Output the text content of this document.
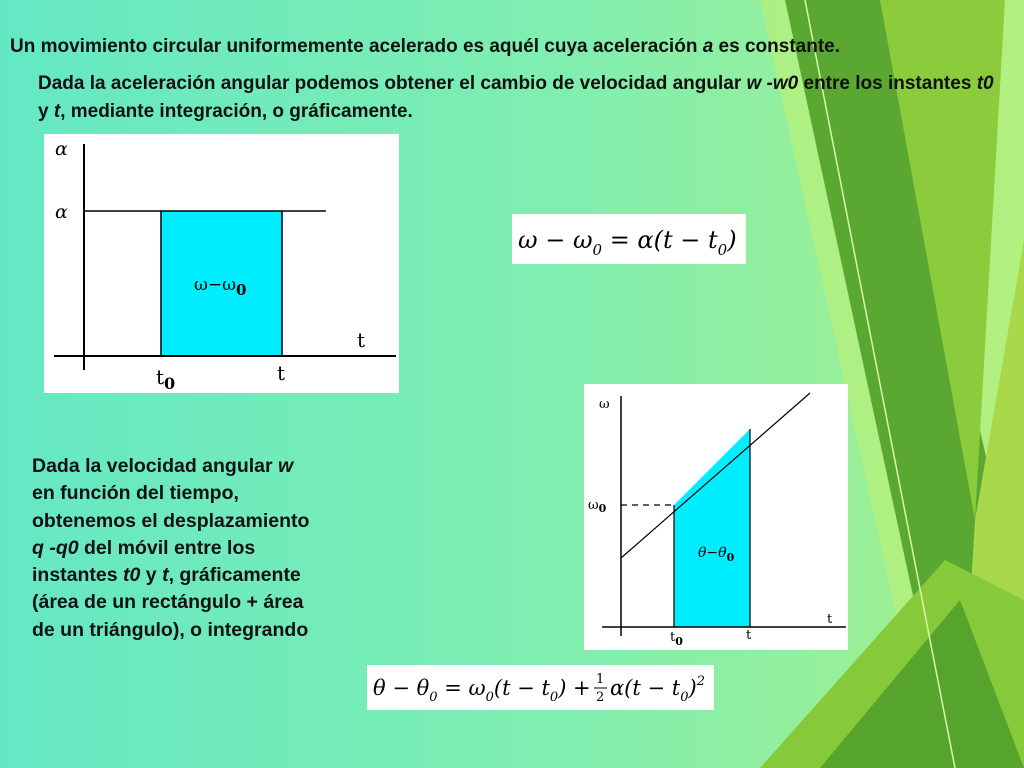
Un movimiento circular uniformemente acelerado es aquél cuya aceleración a es constante.
Dada la aceleración angular podemos obtener el cambio de velocidad angular w -w0 entre los instantes t0 y t, mediante integración, o gráficamente.
Dada la velocidad angular w en función del tiempo, obtenemos el desplazamiento q -q0 del móvil entre los instantes t0 y t, gráficamente (área de un rectángulo + área de un triángulo), o integrando
α
α
t
$t_0$	t
ω−ω0
$\omega - \omega_0 = \alpha(t - t_0)$
ω
$\omega_0$
t
$t_0$	t
$\theta-\theta_0$
$\theta - \theta_0 = \omega_0(t - t_0) + 1$
2 $\alpha(t - t_0)^2$
